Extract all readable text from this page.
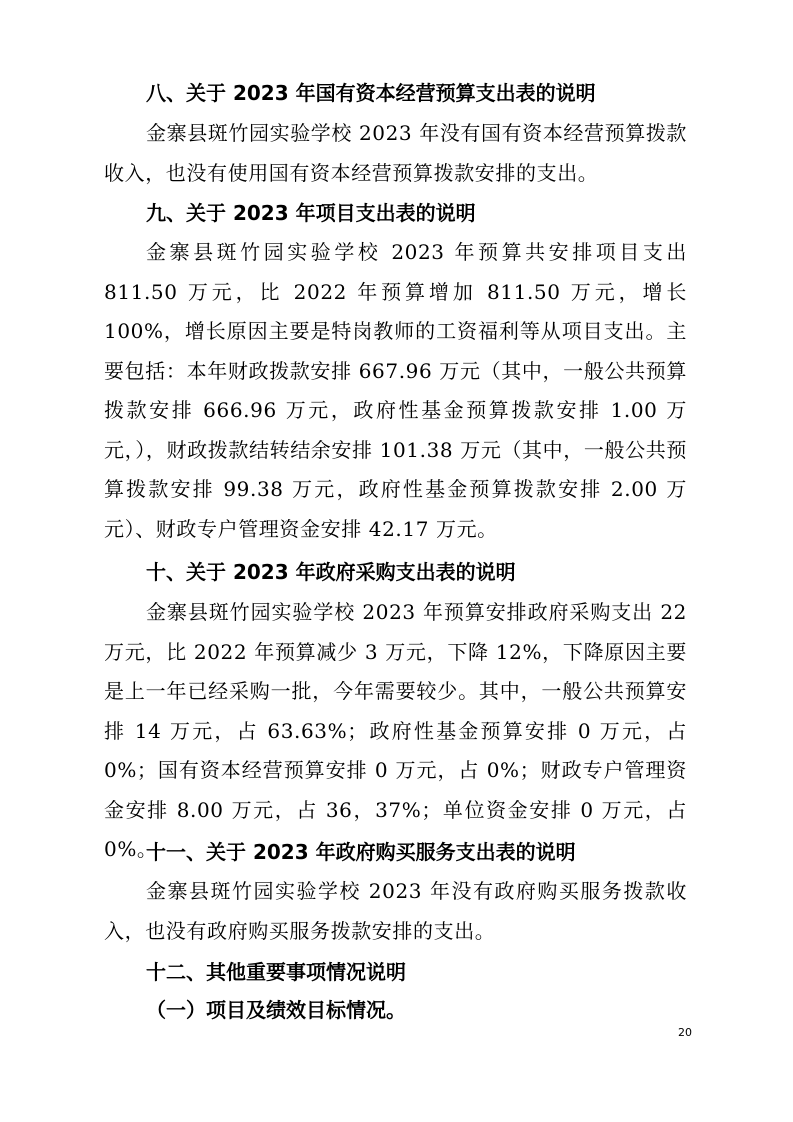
八、关于 2023 年国有资本经营预算支出表的说明

金寨县斑竹园实验学校 2023 年没有国有资本经营预算拨款收入，也没有使用国有资本经营预算拨款安排的支出。

九、关于 2023 年项目支出表的说明

金寨县斑竹园实验学校 2023 年预算共安排项目支出 811.50 万元，比 2022 年预算增加 811.50 万元，增长 100%，增长原因主要是特岗教师的工资福利等从项目支出。主要包括：本年财政拨款安排 667.96 万元（其中，一般公共预算拨款安排 666.96 万元，政府性基金预算拨款安排 1.00 万元，），财政拨款结转结余安排 101.38 万元（其中，一般公共预算拨款安排 99.38 万元，政府性基金预算拨款安排 2.00 万元）、财政专户管理资金安排 42.17 万元。

十、关于 2023 年政府采购支出表的说明

金寨县斑竹园实验学校 2023 年预算安排政府采购支出 22 万元，比 2022 年预算减少 3 万元，下降 12%，下降原因主要是上一年已经采购一批，今年需要较少。其中，一般公共预算安排 14 万元，占 63.63%；政府性基金预算安排 0 万元，占 0%；国有资本经营预算安排 0 万元，占 0%；财政专户管理资金安排 8.00 万元，占 36，37%；单位资金安排 0 万元，占 0%。

十一、关于 2023 年政府购买服务支出表的说明

金寨县斑竹园实验学校 2023 年没有政府购买服务拨款收入，也没有政府购买服务拨款安排的支出。

十二、其他重要事项情况说明
（一）项目及绩效目标情况。
20
